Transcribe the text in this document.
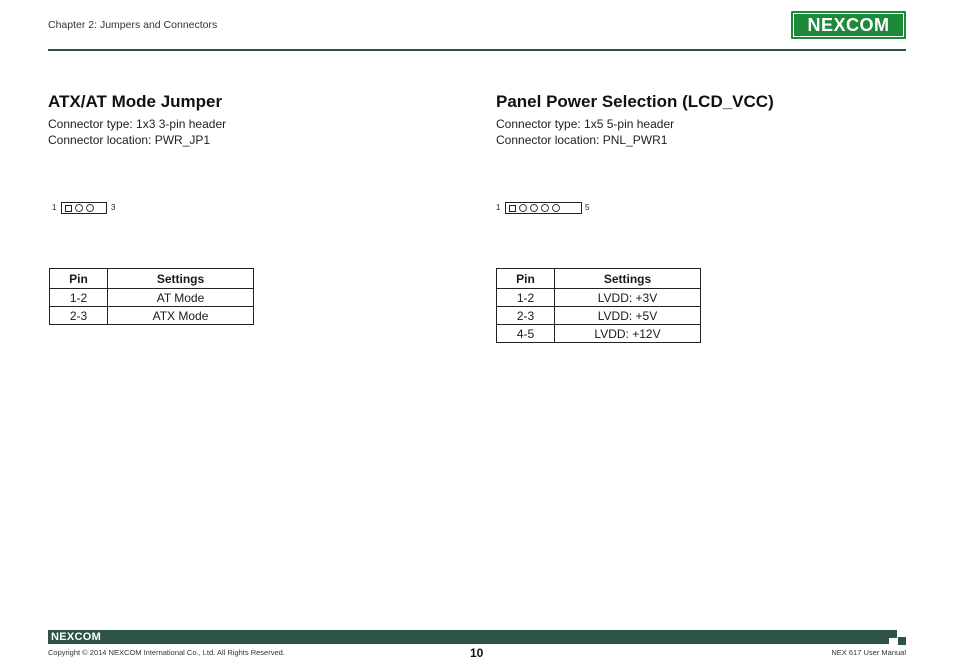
Chapter 2: Jumpers and Connectors	NE X COM
ATX/AT Mode Jumper
Connector type: 1x3 3-pin header
Connector location: PWR_JP1
1	3
Pin	Settings
1-2	AT Mode
2-3	ATX Mode
Panel Power Selection (LCD_VCC)
Connector type: 1x5 5-pin header
Connector location: PNL_PWR1
1	5
Pin	Settings
1-2	LVDD: +3V
2-3	LVDD: +5V
4-5	LVDD: +12V
NEXCOM
Copyright © 2014 NEXCOM International Co., Ltd. All Rights Reserved.	10	NEX 617 User Manual
